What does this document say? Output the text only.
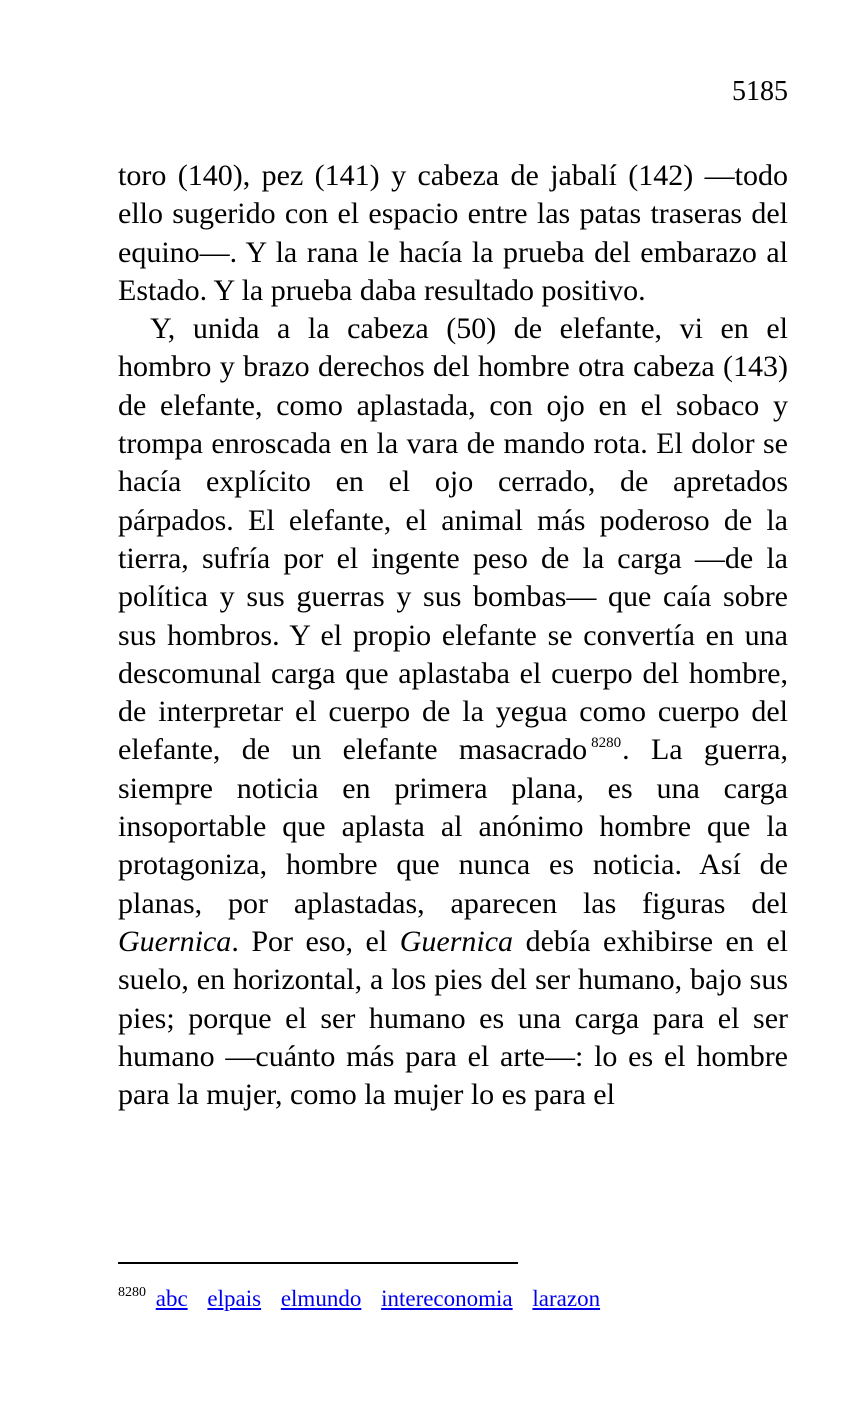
5185

toro (140), pez (141) y cabeza de jabalí (142) —todo ello sugerido con el espacio entre las patas traseras del equino—. Y la rana le hacía la prueba del embarazo al Estado. Y la prueba daba resultado positivo.

Y, unida a la cabeza (50) de elefante, vi en el hombro y brazo derechos del hombre otra cabeza (143) de elefante, como aplastada, con ojo en el sobaco y trompa enroscada en la vara de mando rota. El dolor se hacía explícito en el ojo cerrado, de apretados párpados. El elefante, el animal más poderoso de la tierra, sufría por el ingente peso de la carga —de la política y sus guerras y sus bombas— que caía sobre sus hombros. Y el propio elefante se convertía en una descomunal carga que aplastaba el cuerpo del hombre, de interpretar el cuerpo de la yegua como cuerpo del elefante, de un elefante masacrado $^{8280}$. La guerra, siempre noticia en primera plana, es una carga insoportable que aplasta al anónimo hombre que la protagoniza, hombre que nunca es noticia. Así de planas, por aplastadas, aparecen las figuras del Guernica. Por eso, el Guernica debía exhibirse en el suelo, en horizontal, a los pies del ser humano, bajo sus pies; porque el ser humano es una carga para el ser humano —cuánto más para el arte—: lo es el hombre para la mujer, como la mujer lo es para el

$^{8280}$ abc elpais elmundo intereconomia larazon
